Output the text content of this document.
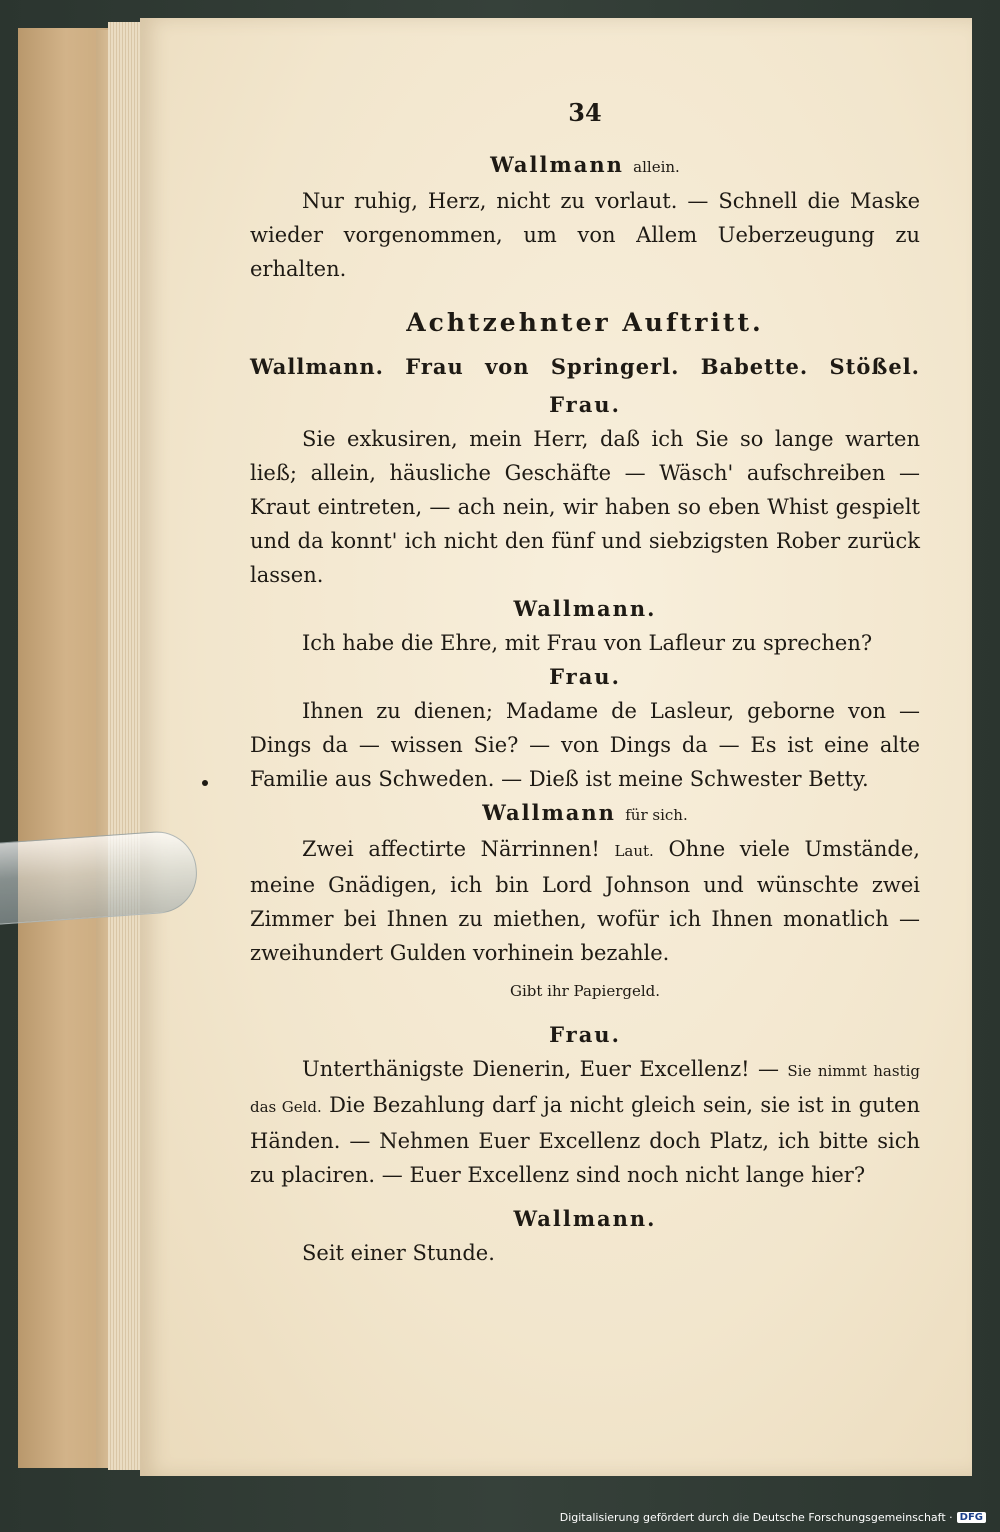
34
Wallmann allein.

Nur ruhig, Herz, nicht zu vorlaut. — Schnell die Maske wieder vorgenommen, um von Allem Ueberzeugung zu erhalten.

Achtzehnter Auftritt.
Wallmann. Frau von Springerl. Babette. Stößel.
Frau.

Sie exkusiren, mein Herr, daß ich Sie so lange warten ließ; allein, häusliche Geschäfte — Wäsch' aufschreiben — Kraut eintreten, — ach nein, wir haben so eben Whist gespielt und da konnt' ich nicht den fünf und siebzigsten Rober zurück lassen.

Wallmann.

Ich habe die Ehre, mit Frau von Lafleur zu sprechen?

Frau.

Ihnen zu dienen; Madame de Lasleur, geborne von — Dings da — wissen Sie? — von Dings da — Es ist eine alte Familie aus Schweden. — Dieß ist meine Schwester Betty.

Wallmann für sich.

Zwei affectirte Närrinnen! Laut. Ohne viele Umstände, meine Gnädigen, ich bin Lord Johnson und wünschte zwei Zimmer bei Ihnen zu miethen, wofür ich Ihnen monatlich — zweihundert Gulden vorhinein bezahle.

Gibt ihr Papiergeld.
Frau.

Unterthänigste Dienerin, Euer Excellenz! — Sie nimmt hastig das Geld. Die Bezahlung darf ja nicht gleich sein, sie ist in guten Händen. — Nehmen Euer Excellenz doch Platz, ich bitte sich zu placiren. — Euer Excellenz sind noch nicht lange hier?

Wallmann.

Seit einer Stunde.

Digitalisierung gefördert durch die Deutsche Forschungsgemeinschaft · DFG
